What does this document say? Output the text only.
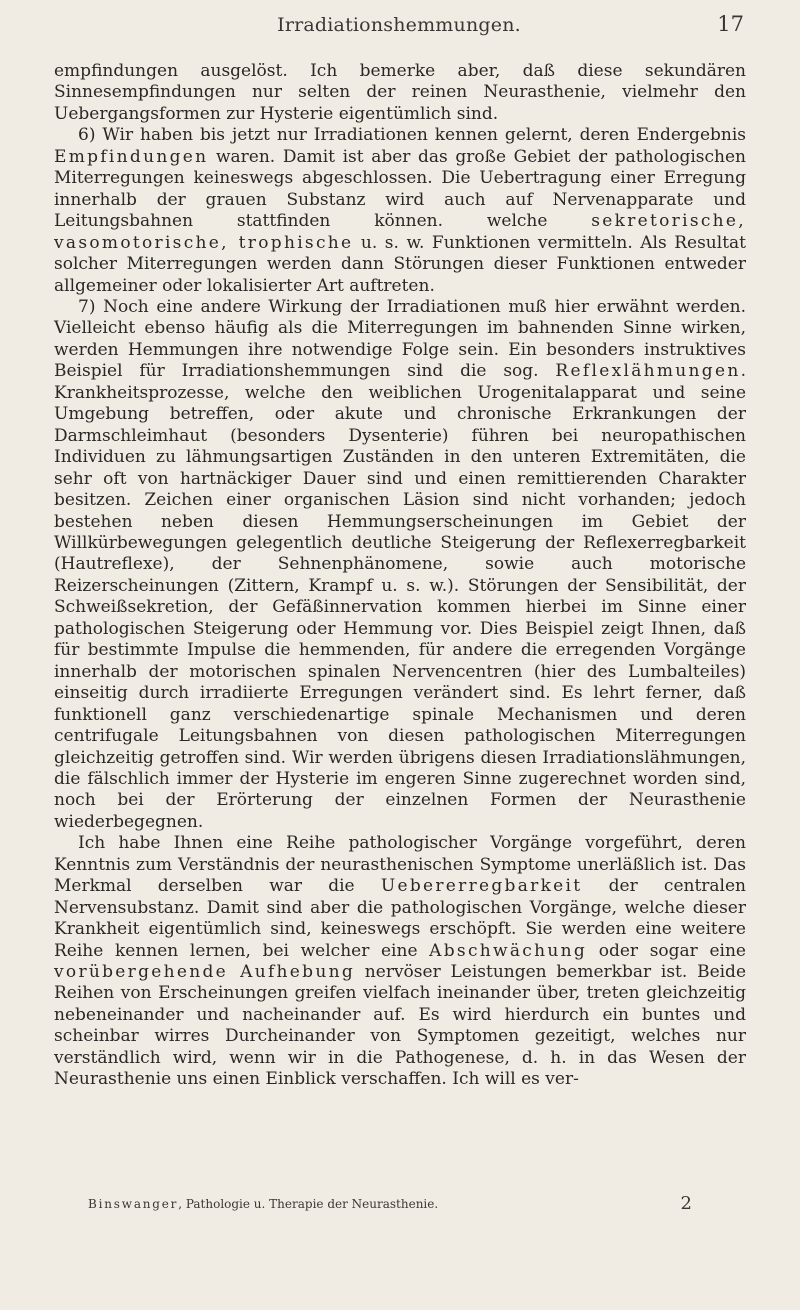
Irradiationshemmungen.	17

empfindungen ausgelöst. Ich bemerke aber, daß diese sekundären Sinnesempfindungen nur selten der reinen Neurasthenie, vielmehr den Uebergangsformen zur Hysterie eigentümlich sind.

6) Wir haben bis jetzt nur Irradiationen kennen gelernt, deren Endergebnis Empfindungen waren. Damit ist aber das große Gebiet der pathologischen Miterregungen keineswegs abgeschlossen. Die Uebertragung einer Erregung innerhalb der grauen Substanz wird auch auf Nervenapparate und Leitungsbahnen stattfinden können. welche sekretorische, vasomotorische, trophische u. s. w. Funktionen vermitteln. Als Resultat solcher Miterregungen werden dann Störungen dieser Funktionen entweder allgemeiner oder lokalisierter Art auftreten.

7) Noch eine andere Wirkung der Irradiationen muß hier erwähnt werden. Vielleicht ebenso häufig als die Miterregungen im bahnenden Sinne wirken, werden Hemmungen ihre notwendige Folge sein. Ein besonders instruktives Beispiel für Irradiationshemmungen sind die sog. Reflexlähmungen. Krankheitsprozesse, welche den weiblichen Urogenitalapparat und seine Umgebung betreffen, oder akute und chronische Erkrankungen der Darmschleimhaut (besonders Dysenterie) führen bei neuropathischen Individuen zu lähmungsartigen Zuständen in den unteren Extremitäten, die sehr oft von hartnäckiger Dauer sind und einen remittierenden Charakter besitzen. Zeichen einer organischen Läsion sind nicht vorhanden; jedoch bestehen neben diesen Hemmungserscheinungen im Gebiet der Willkürbewegungen gelegentlich deutliche Steigerung der Reflexerregbarkeit (Hautreflexe), der Sehnenphänomene, sowie auch motorische Reizerscheinungen (Zittern, Krampf u. s. w.). Störungen der Sensibilität, der Schweißsekretion, der Gefäßinnervation kommen hierbei im Sinne einer pathologischen Steigerung oder Hemmung vor. Dies Beispiel zeigt Ihnen, daß für bestimmte Impulse die hemmenden, für andere die erregenden Vorgänge innerhalb der motorischen spinalen Nervencentren (hier des Lumbalteiles) einseitig durch irradiierte Erregungen verändert sind. Es lehrt ferner, daß funktionell ganz verschiedenartige spinale Mechanismen und deren centrifugale Leitungsbahnen von diesen pathologischen Miterregungen gleichzeitig getroffen sind. Wir werden übrigens diesen Irradiationslähmungen, die fälschlich immer der Hysterie im engeren Sinne zugerechnet worden sind, noch bei der Erörterung der einzelnen Formen der Neurasthenie wiederbegegnen.

Ich habe Ihnen eine Reihe pathologischer Vorgänge vorgeführt, deren Kenntnis zum Verständnis der neurasthenischen Symptome unerläßlich ist. Das Merkmal derselben war die Uebererregbarkeit der centralen Nervensubstanz. Damit sind aber die pathologischen Vorgänge, welche dieser Krankheit eigentümlich sind, keineswegs erschöpft. Sie werden eine weitere Reihe kennen lernen, bei welcher eine Abschwächung oder sogar eine vorübergehende Aufhebung nervöser Leistungen bemerkbar ist. Beide Reihen von Erscheinungen greifen vielfach ineinander über, treten gleichzeitig nebeneinander und nacheinander auf. Es wird hierdurch ein buntes und scheinbar wirres Durcheinander von Symptomen gezeitigt, welches nur verständlich wird, wenn wir in die Pathogenese, d. h. in das Wesen der Neurasthenie uns einen Einblick verschaffen. Ich will es ver-

Binswanger, Pathologie u. Therapie der Neurasthenie.	2
